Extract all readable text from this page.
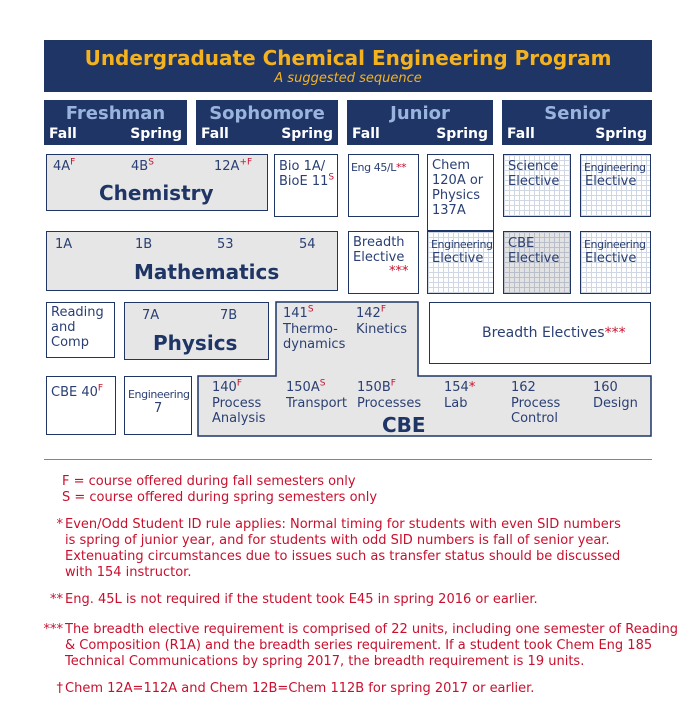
Undergraduate Chemical Engineering Program
A suggested sequence
Freshman
Fall	Spring
Sophomore
Fall	Spring
Junior
Fall	Spring
Senior
Fall	Spring
$4A^F$	$4B^S$	$12A^{+F}$
Chemistry
Bio 1A/
BioE $11^S$
Eng 45/L** Chem
120A or
Physics
137A
Science
Elective
Engineering
Elective
1A	1B	53	54
Mathematics
Breadth
Elective
***
Engineering
Elective
CBE
Elective
Engineering
Elective
Reading
and
Comp
7A	7B
Physics
$141^S$
Thermo-
dynamics
$142^F$
Kinetics	Breadth Electives***
CBE $40^F$ Engineering
7
$140^F$
Process
Analysis
$150A^S$
Transport
$150B^F$
Processes
154*
Lab
162
Process
Control
160
Design
CBE
F = course offered during fall semesters only
S = course offered during spring semesters only
* Even/Odd Student ID rule applies: Normal timing for students with even SID numbers
is spring of junior year, and for students with odd SID numbers is fall of senior year.
Extenuating circumstances due to issues such as transfer status should be discussed
with 154 instructor.
** Eng. 45L is not required if the student took E45 in spring 2016 or earlier.
*** The breadth elective requirement is comprised of 22 units, including one semester of Reading
& Composition (R1A) and the breadth series requirement. If a student took Chem Eng 185
Technical Communications by spring 2017, the breadth requirement is 19 units.
† Chem 12A=112A and Chem 12B=Chem 112B for spring 2017 or earlier.
